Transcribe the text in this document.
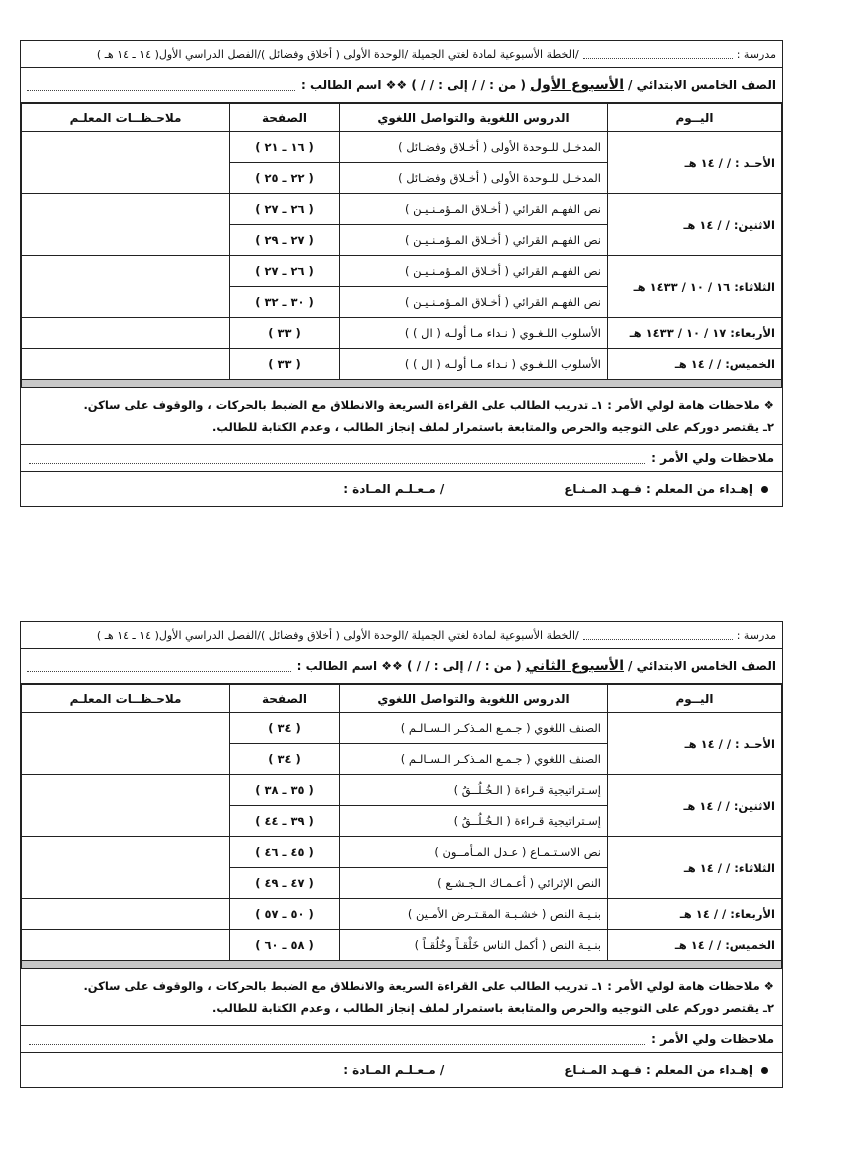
مدرسة :
/الخطة الأسبوعية لمادة لغتي الجميلة /الوحدة الأولى ( أخلاق وفضائل )/الفصل الدراسي الأول( ١٤ ـ ١٤ هـ )
الصف الخامس الابتدائي /
الأسبوع الأول
( من : / / إلى : / / ) ❖❖ اسم الطالب :
اليــوم	الدروس اللغوية والتواصل اللغوي	الصفحة	ملاحـظــات المعلـم
الأحـد : / / ١٤ هـ	المدخـل للـوحدة الأولى ( أخـلاق وفضـائل )	( ١٦ ـ ٢١ )	
	المدخـل للـوحدة الأولى ( أخـلاق وفضـائل )	( ٢٢ ـ ٢٥ )	
الاثنين: / / ١٤ هـ	نص الفهـم القرائي ( أخـلاق المـؤمـنـيـن )	( ٢٦ ـ ٢٧ )	
	نص الفهـم القرائي ( أخـلاق المـؤمـنـيـن )	( ٢٧ ـ ٢٩ )	
الثلاثاء: ١٦ / ١٠ / ١٤٣٣ هـ	نص الفهـم القرائي ( أخـلاق المـؤمـنـيـن )	( ٢٦ ـ ٢٧ )	
	نص الفهـم القرائي ( أخـلاق المـؤمـنـيـن )	( ٣٠ ـ ٣٢ )	
الأربعاء: ١٧ / ١٠ / ١٤٣٣ هـ	الأسلوب اللـغـوي ( نـداء مـا أولـه ( ال ) )	( ٣٣ )	
الخميس: / / ١٤ هـ	الأسلوب اللـغـوي ( نـداء مـا أولـه ( ال ) )	( ٣٣ )	

❖ ملاحظات هامة لولي الأمر : ١ـ تدريب الطالب على القراءة السريعة والانطلاق مع الضبط بالحركات ، والوقوف على ساكن.
٢ـ يقتصر دوركم على التوجيه والحرص والمتابعة باستمرار لملف إنجاز الطالب ، وعدم الكتابة للطالب.
ملاحظات ولي الأمر :
إهـداء من المعلم : فـهـد المـنـاع
/ مـعـلـم المـادة :
مدرسة :
/الخطة الأسبوعية لمادة لغتي الجميلة /الوحدة الأولى ( أخلاق وفضائل )/الفصل الدراسي الأول( ١٤ ـ ١٤ هـ )
الصف الخامس الابتدائي /
الأسبوع الثاني
( من : / / إلى : / / ) ❖❖ اسم الطالب :
اليــوم	الدروس اللغوية والتواصل اللغوي	الصفحة	ملاحـظــات المعلـم
الأحـد : / / ١٤ هـ	الصنف اللغوي ( جـمـع المـذكـر الـسـالـم )	( ٣٤ )	
	الصنف اللغوي ( جـمـع المـذكـر الـسـالـم )	( ٣٤ )	
الاثنين: / / ١٤ هـ	إسـتراتيجية قـراءة ( الـخُـلُــقُ )	( ٣٥ ـ ٣٨ )	
	إسـتراتيجية قـراءة ( الـخُـلُــقُ )	( ٣٩ ـ ٤٤ )	
الثلاثاء: / / ١٤ هـ	نص الاسـتـمـاع ( عـدل المـأمــون )	( ٤٥ ـ ٤٦ )	
	النص الإثرائي ( أعـمـاك الـجـشـع )	( ٤٧ ـ ٤٩ )	
الأربعاء: / / ١٤ هـ	بنـيـة النص ( خشـبـة المقـتـرض الأمـين )	( ٥٠ ـ ٥٧ )	
الخميس: / / ١٤ هـ	بنـيـة النص ( أكمل الناس خَلْقـاً وخُلُقـاً )	( ٥٨ ـ ٦٠ )	

❖ ملاحظات هامة لولي الأمر : ١ـ تدريب الطالب على القراءة السريعة والانطلاق مع الضبط بالحركات ، والوقوف على ساكن.
٢ـ يقتصر دوركم على التوجيه والحرص والمتابعة باستمرار لملف إنجاز الطالب ، وعدم الكتابة للطالب.
ملاحظات ولي الأمر :
إهـداء من المعلم : فـهـد المـنـاع
/ مـعـلـم المـادة :
